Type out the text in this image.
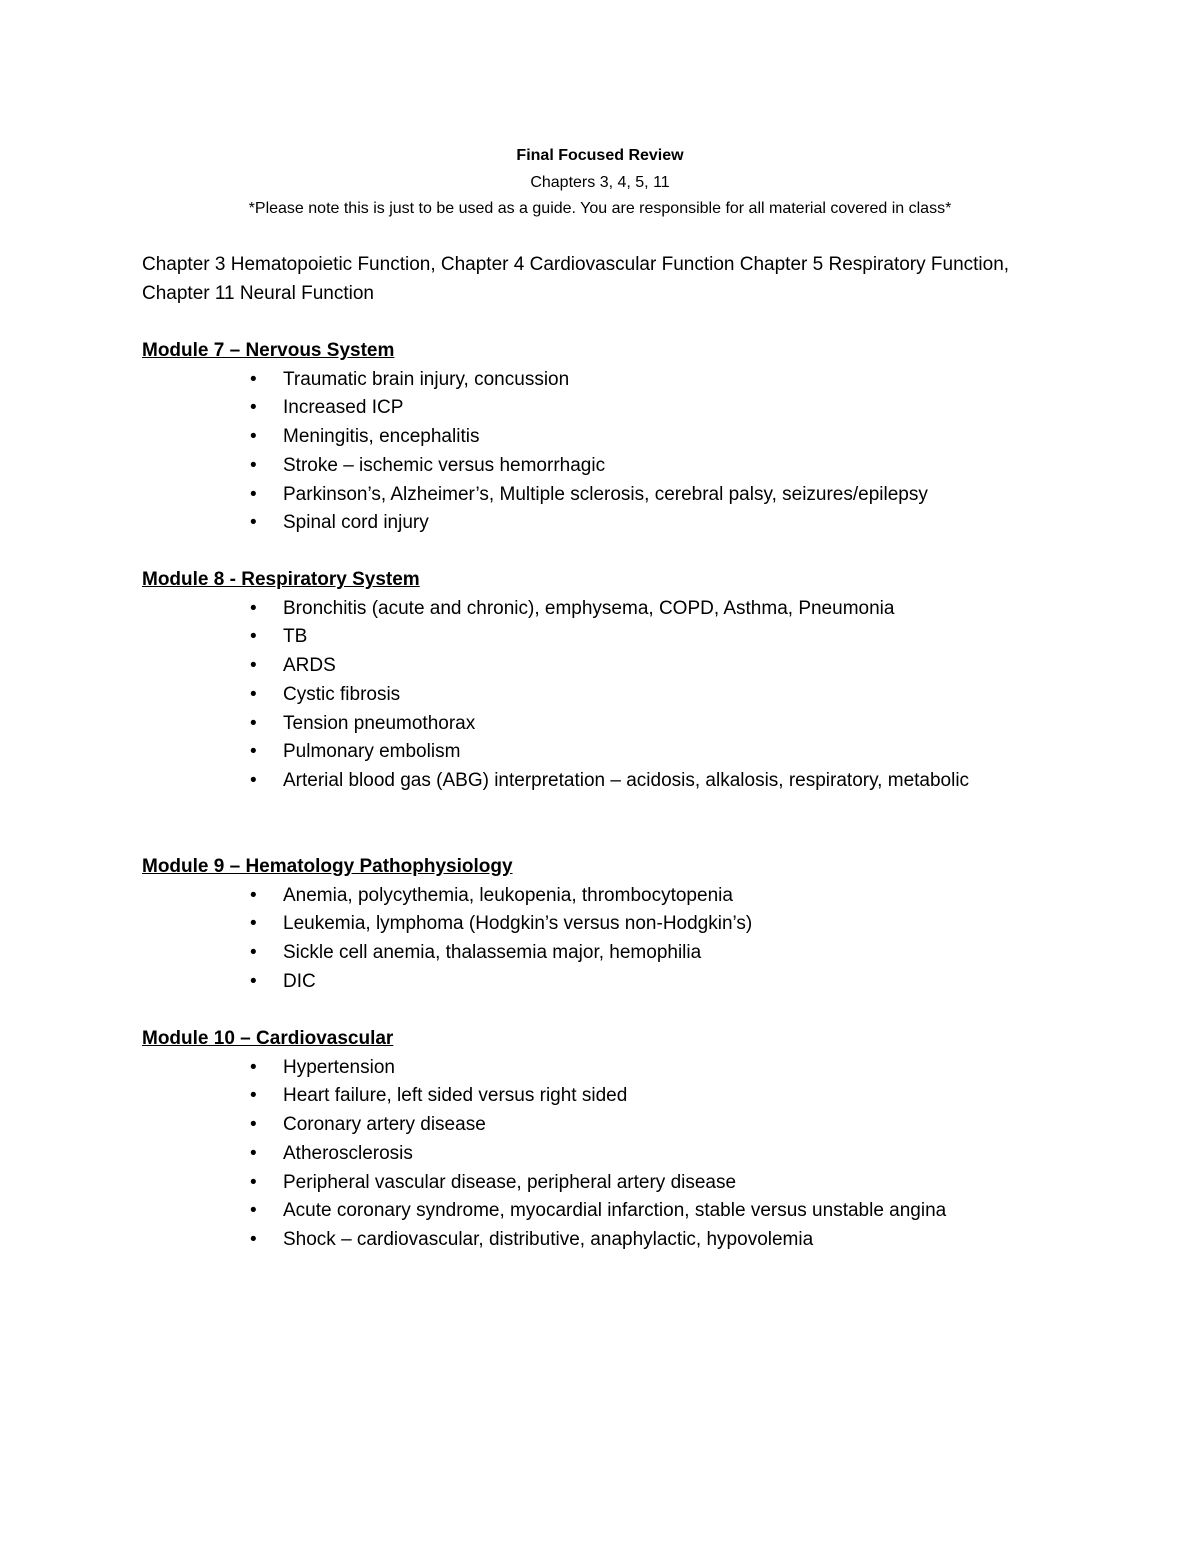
Final Focused Review
Chapters 3, 4, 5, 11
*Please note this is just to be used as a guide. You are responsible for all material covered in class*
Chapter 3 Hematopoietic Function, Chapter 4 Cardiovascular Function Chapter 5 Respiratory Function, Chapter 11 Neural Function
Module 7 – Nervous System
•	Traumatic brain injury, concussion
•	Increased ICP
•	Meningitis, encephalitis
•	Stroke – ischemic versus hemorrhagic
•	Parkinson’s, Alzheimer’s, Multiple sclerosis, cerebral palsy, seizures/epilepsy
•	Spinal cord injury
Module 8 - Respiratory System
•	Bronchitis (acute and chronic), emphysema, COPD, Asthma, Pneumonia
•	TB
•	ARDS
•	Cystic fibrosis
•	Tension pneumothorax
•	Pulmonary embolism
• Arterial blood gas (ABG) interpretation – acidosis, alkalosis, respiratory, metabolic
Module 9 – Hematology Pathophysiology
•	Anemia, polycythemia, leukopenia, thrombocytopenia
•	Leukemia, lymphoma (Hodgkin’s versus non-Hodgkin’s)
•	Sickle cell anemia, thalassemia major, hemophilia
•	DIC
Module 10 – Cardiovascular
•	Hypertension
•	Heart failure, left sided versus right sided
•	Coronary artery disease
•	Atherosclerosis
•	Peripheral vascular disease, peripheral artery disease
•	Acute coronary syndrome, myocardial infarction, stable versus unstable angina
•	Shock – cardiovascular, distributive, anaphylactic, hypovolemia
